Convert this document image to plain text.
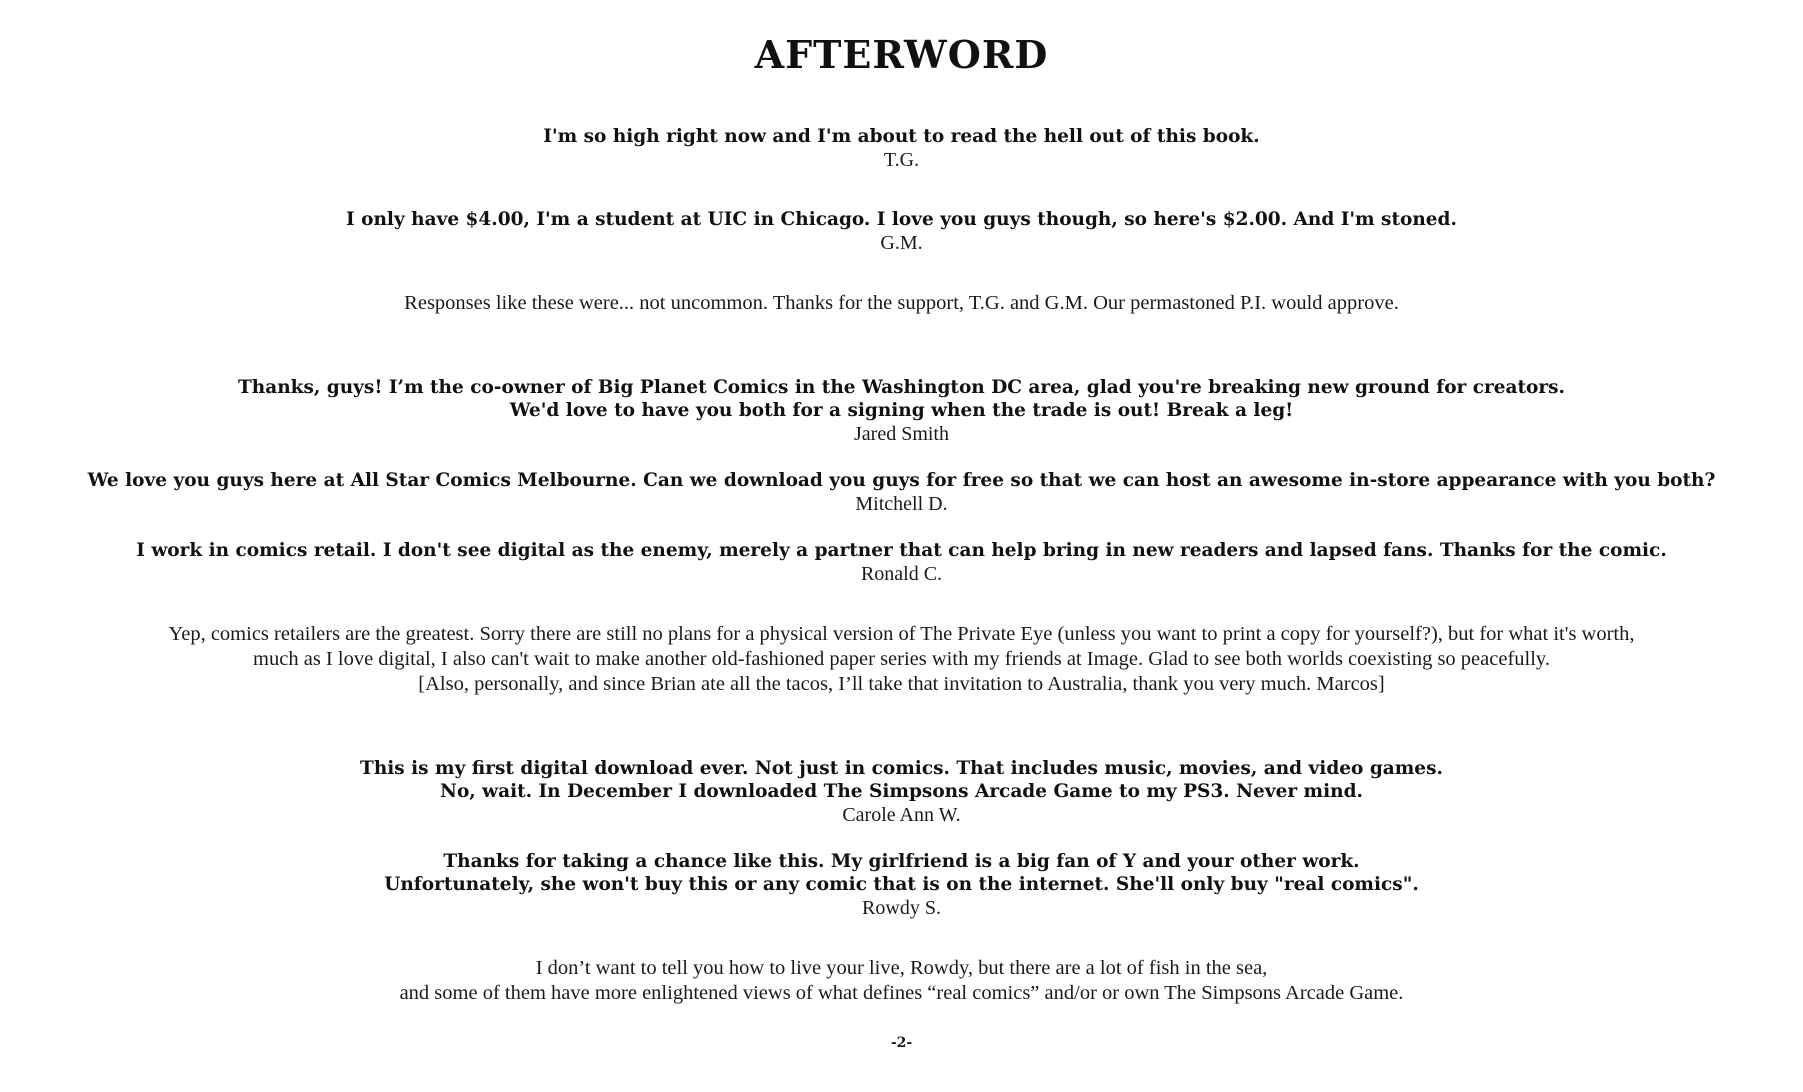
AFTERWORD
I'm so high right now and I'm about to read the hell out of this book.
T.G.
I only have $4.00, I'm a student at UIC in Chicago. I love you guys though, so here's $2.00. And I'm stoned.
G.M.
Responses like these were... not uncommon. Thanks for the support, T.G. and G.M. Our permastoned P.I. would approve.
Thanks, guys! I’m the co-owner of Big Planet Comics in the Washington DC area, glad you're breaking new ground for creators.
We'd love to have you both for a signing when the trade is out! Break a leg!
Jared Smith
We love you guys here at All Star Comics Melbourne. Can we download you guys for free so that we can host an awesome in-store appearance with you both?
Mitchell D.
I work in comics retail. I don't see digital as the enemy, merely a partner that can help bring in new readers and lapsed fans. Thanks for the comic.
Ronald C.
Yep, comics retailers are the greatest. Sorry there are still no plans for a physical version of The Private Eye (unless you want to print a copy for yourself?), but for what it's worth,
much as I love digital, I also can't wait to make another old-fashioned paper series with my friends at Image. Glad to see both worlds coexisting so peacefully.
[Also, personally, and since Brian ate all the tacos, I’ll take that invitation to Australia, thank you very much. Marcos]
This is my first digital download ever. Not just in comics. That includes music, movies, and video games.
No, wait. In December I downloaded The Simpsons Arcade Game to my PS3. Never mind.
Carole Ann W.
Thanks for taking a chance like this. My girlfriend is a big fan of Y and your other work.
Unfortunately, she won't buy this or any comic that is on the internet. She'll only buy "real comics".
Rowdy S.
I don’t want to tell you how to live your live, Rowdy, but there are a lot of fish in the sea,
and some of them have more enlightened views of what defines “real comics” and/or or own The Simpsons Arcade Game.
-2-
